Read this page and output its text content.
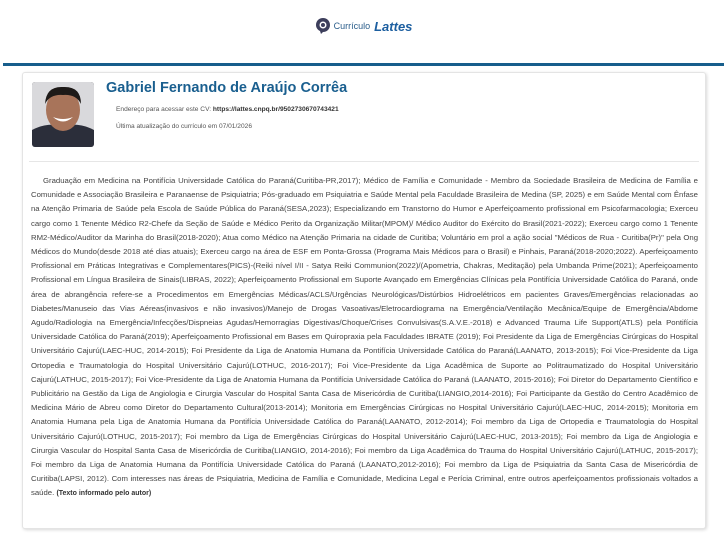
Currículo Lattes
Gabriel Fernando de Araújo Corrêa
Endereço para acessar este CV: https://lattes.cnpq.br/9502730670743421
Última atualização do currículo em 07/01/2026

Graduação em Medicina na Pontifícia Universidade Católica do Paraná(Curitiba-PR,2017); Médico de Família e Comunidade - Membro da Sociedade Brasileira de Medicina de Família e Comunidade e Associação Brasileira e Paranaense de Psiquiatria; Pós-graduado em Psiquiatria e Saúde Mental pela Faculdade Brasileira de Medina (SP, 2025) e em Saúde Mental com Ênfase na Atenção Primaria de Saúde pela Escola de Saúde Pública do Paraná(SESA,2023); Especializando em Transtorno do Humor e Aperfeiçoamento profissional em Psicofarmacologia; Exerceu cargo como 1 Tenente Médico R2-Chefe da Seção de Saúde e Médico Perito da Organização Militar(MPOM)/ Médico Auditor do Exército do Brasil(2021-2022); Exerceu cargo como 1 Tenente RM2-Médico/Auditor da Marinha do Brasil(2018-2020); Atua como Médico na Atenção Primaria na cidade de Curitiba; Voluntário em prol a ação social "Médicos de Rua - Curitiba(Pr)" pela Ong Médicos do Mundo(desde 2018 até dias atuais); Exerceu cargo na área de ESF em Ponta-Grossa (Programa Mais Médicos para o Brasil) e Pinhais, Paraná(2018-2020;2022). Aperfeiçoamento Profissional em Práticas Integrativas e Complementares(PICS)-(Reiki nível I/II - Satya Reiki Communion(2022)/(Apometria, Chakras, Meditação) pela Umbanda Prime(2021); Aperfeiçoamento Profissional em Língua Brasileira de Sinais(LIBRAS, 2022); Aperfeiçoamento Profissional em Suporte Avançado em Emergências Clínicas pela Pontifícia Universidade Católica do Paraná, onde área de abrangência refere-se a Procedimentos em Emergências Médicas/ACLS/Urgências Neurológicas/Distúrbios Hidroelétricos em pacientes Graves/Emergências relacionadas ao Diabetes/Manuseio das Vias Aéreas(invasivos e não invasivos)/Manejo de Drogas Vasoativas/Eletrocardiograma na Emergência/Ventilação Mecânica/Equipe de Emergência/Abdome Agudo/Radiologia na Emergência/Infecções/Dispneias Agudas/Hemorragias Digestivas/Choque/Crises Convulsivas(S.A.V.E.-2018) e Advanced Trauma Life Support(ATLS) pela Pontifícia Universidade Católica do Paraná(2019); Aperfeiçoamento Profissional em Bases em Quiropraxia pela Faculdades IBRATE (2019); Foi Presidente da Liga de Emergências Cirúrgicas do Hospital Universitário Cajurú(LAEC-HUC, 2014-2015); Foi Presidente da Liga de Anatomia Humana da Pontifícia Universidade Católica do Paraná(LAANATO, 2013-2015); Foi Vice-Presidente da Liga Ortopedia e Traumatologia do Hospital Universitário Cajurú(LOTHUC, 2016-2017); Foi Vice-Presidente da Liga Acadêmica de Suporte ao Politraumatizado do Hospital Universitário Cajurú(LATHUC, 2015-2017); Foi Vice-Presidente da Liga de Anatomia Humana da Pontifícia Universidade Católica do Paraná (LAANATO, 2015-2016); Foi Diretor do Departamento Científico e Publicitário na Gestão da Liga de Angiologia e Cirurgia Vascular do Hospital Santa Casa de Misericórdia de Curitiba(LIANGIO,2014-2016); Foi Participante da Gestão do Centro Acadêmico de Medicina Mário de Abreu como Diretor do Departamento Cultural(2013-2014); Monitoria em Emergências Cirúrgicas no Hospital Universitário Cajurú(LAEC-HUC, 2014-2015); Monitoria em Anatomia Humana pela Liga de Anatomia Humana da Pontifícia Universidade Católica do Paraná(LAANATO, 2012-2014); Foi membro da Liga de Ortopedia e Traumatologia do Hospital Universitário Cajurú(LOTHUC, 2015-2017); Foi membro da Liga de Emergências Cirúrgicas do Hospital Universitário Cajurú(LAEC-HUC, 2013-2015); Foi membro da Liga de Angiologia e Cirurgia Vascular do Hospital Santa Casa de Misericórdia de Curitiba(LIANGIO, 2014-2016); Foi membro da Liga Acadêmica do Trauma do Hospital Universitário Cajurú(LATHUC, 2015-2017); Foi membro da Liga de Anatomia Humana da Pontifícia Universidade Católica do Paraná (LAANATO,2012-2016); Foi membro da Liga de Psiquiatria da Santa Casa de Misericórdia de Curitiba(LAPSI, 2012). Com interesses nas áreas de Psiquiatria, Medicina de Família e Comunidade, Medicina Legal e Perícia Criminal, entre outros aperfeiçoamentos profissionais voltados a saúde. (Texto informado pelo autor)
